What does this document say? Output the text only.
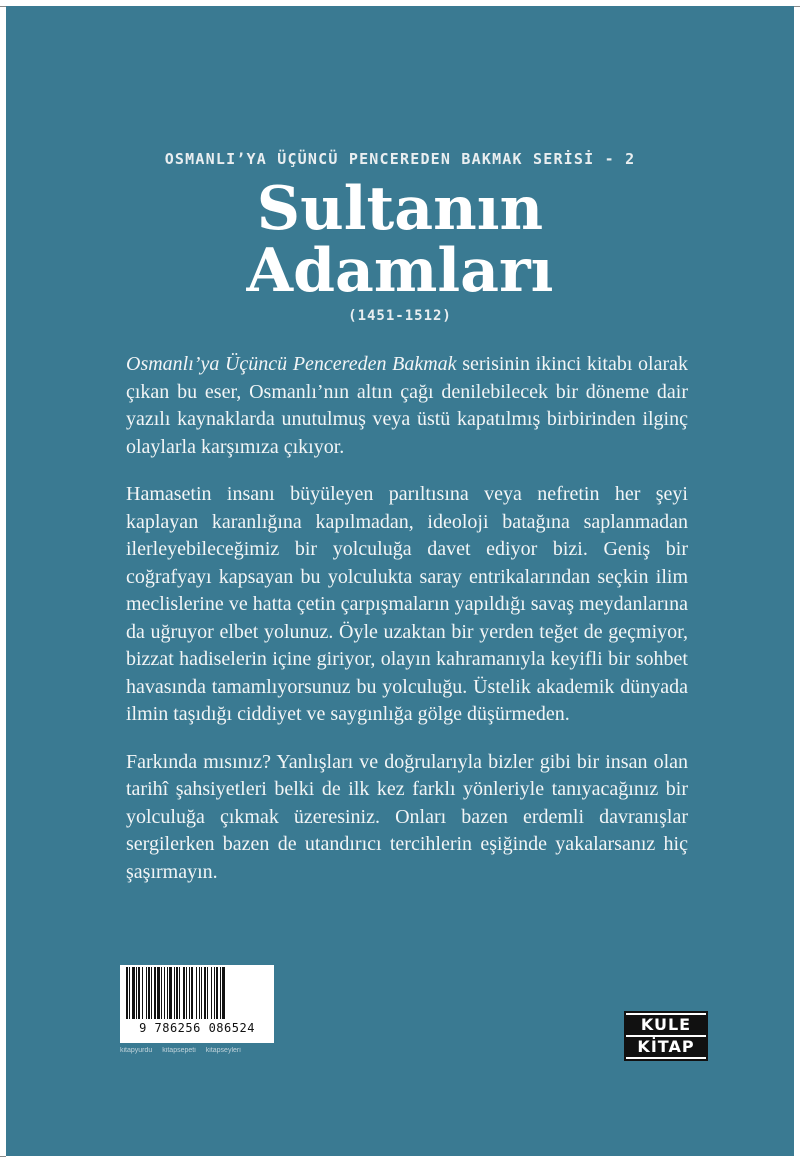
OSMANLI’YA ÜÇÜNCÜ PENCEREDEN BAKMAK SERİSİ - 2
Sultanın
Adamları
(1451-1512)

Osmanlı’ya Üçüncü Pencereden Bakmak serisinin ikinci kitabı olarak çıkan bu eser, Osmanlı’nın altın çağı denilebilecek bir döneme dair yazılı kaynaklarda unutulmuş veya üstü kapatılmış birbirinden ilginç olaylarla karşımıza çıkıyor.

Hamasetin insanı büyüleyen parıltısına veya nefretin her şeyi kaplayan karanlığına kapılmadan, ideoloji batağına saplanmadan ilerleyebileceğimiz bir yolculuğa davet ediyor bizi. Geniş bir coğrafyayı kapsayan bu yolculukta saray entrikalarından seçkin ilim meclislerine ve hatta çetin çarpışmaların yapıldığı savaş meydanlarına da uğruyor elbet yolunuz. Öyle uzaktan bir yerden teğet de geçmiyor, bizzat hadiselerin içine giriyor, olayın kahramanıyla keyifli bir sohbet havasında tamamlıyorsunuz bu yolculuğu. Üstelik akademik dünyada ilmin taşıdığı ciddiyet ve saygınlığa gölge düşürmeden.

Farkında mısınız? Yanlışları ve doğrularıyla bizler gibi bir insan olan tarihî şahsiyetleri belki de ilk kez farklı yönleriyle tanıyacağınız bir yolculuğa çıkmak üzeresiniz. Onları bazen erdemli davranışlar sergilerken bazen de utandırıcı tercihlerin eşiğinde yakalarsanız hiç şaşırmayın.

9 786256 086524
kitapyurdu kitapsepeti kitapseyleri
KULE
KİTAP
